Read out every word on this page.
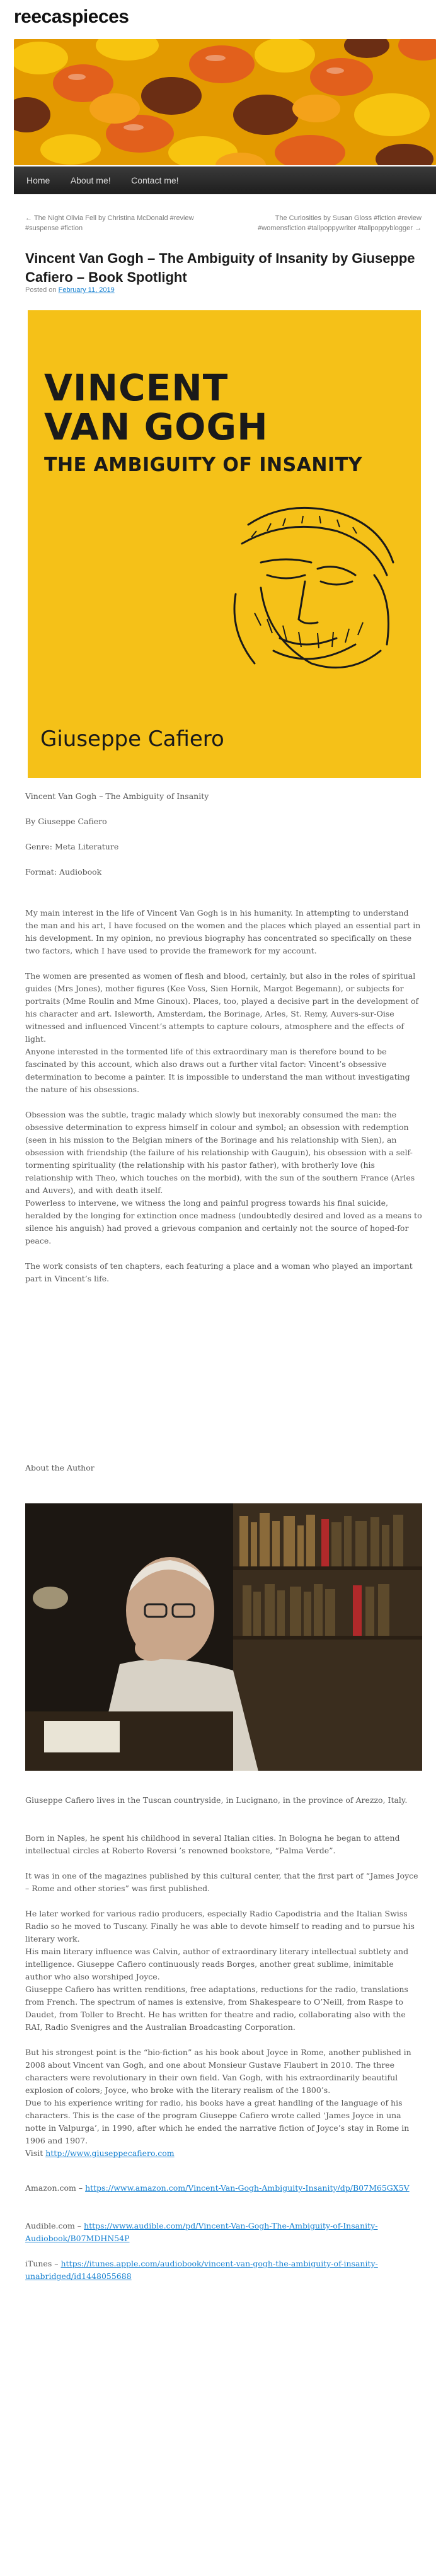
reecaspieces
Home About me! Contact me!
← The Night Olivia Fell by Christina McDonald #review #suspense #fiction
The Curiosities by Susan Gloss #fiction #review #womensfiction #tallpoppywriter #tallpoppyblogger →
Vincent Van Gogh – The Ambiguity of Insanity by Giuseppe Cafiero – Book Spotlight
Posted on February 11, 2019
VINCENT
VAN GOGH
THE AMBIGUITY OF INSANITY
Giuseppe Cafiero

Vincent Van Gogh – The Ambiguity of Insanity

By Giuseppe Cafiero

Genre: Meta Literature

Format: Audiobook

My main interest in the life of Vincent Van Gogh is in his humanity. In attempting to understand the man and his art, I have focused on the women and the places which played an essential part in his development. In my opinion, no previous biography has concentrated so specifically on these two factors, which I have used to provide the framework for my account.

The women are presented as women of flesh and blood, certainly, but also in the roles of spiritual guides (Mrs Jones), mother figures (Kee Voss, Sien Hornik, Margot Begemann), or subjects for portraits (Mme Roulin and Mme Ginoux). Places, too, played a decisive part in the development of his character and art. Isleworth, Amsterdam, the Borinage, Arles, St. Remy, Auvers-sur-Oise witnessed and influenced Vincent’s attempts to capture colours, atmosphere and the effects of light.

Anyone interested in the tormented life of this extraordinary man is therefore bound to be fascinated by this account, which also draws out a further vital factor: Vincent’s obsessive determination to become a painter. It is impossible to understand the man without investigating the nature of his obsessions.

Obsession was the subtle, tragic malady which slowly but inexorably consumed the man: the obsessive determination to express himself in colour and symbol; an obsession with redemption (seen in his mission to the Belgian miners of the Borinage and his relationship with Sien), an obsession with friendship (the failure of his relationship with Gauguin), his obsession with a self-tormenting spirituality (the relationship with his pastor father), with brotherly love (his relationship with Theo, which touches on the morbid), with the sun of the southern France (Arles and Auvers), and with death itself.

Powerless to intervene, we witness the long and painful progress towards his final suicide, heralded by the longing for extinction once madness (undoubtedly desired and loved as a means to silence his anguish) had proved a grievous companion and certainly not the source of hoped-for peace.

The work consists of ten chapters, each featuring a place and a woman who played an important part in Vincent’s life.

About the Author

Giuseppe Cafiero lives in the Tuscan countryside, in Lucignano, in the province of Arezzo, Italy.

Born in Naples, he spent his childhood in several Italian cities. In Bologna he began to attend intellectual circles at Roberto Roversi ’s renowned bookstore, “Palma Verde”.

It was in one of the magazines published by this cultural center, that the first part of “James Joyce – Rome and other stories” was first published.

He later worked for various radio producers, especially Radio Capodistria and the Italian Swiss Radio so he moved to Tuscany. Finally he was able to devote himself to reading and to pursue his literary work.

His main literary influence was Calvin, author of extraordinary literary intellectual subtlety and intelligence. Giuseppe Cafiero continuously reads Borges, another great sublime, inimitable author who also worshiped Joyce.

Giuseppe Cafiero has written renditions, free adaptations, reductions for the radio, translations from French. The spectrum of names is extensive, from Shakespeare to O’Neill, from Raspe to Daudet, from Toller to Brecht. He has written for theatre and radio, collaborating also with the RAI, Radio Svenigres and the Australian Broadcasting Corporation.

But his strongest point is the “bio-fiction” as his book about Joyce in Rome, another published in 2008 about Vincent van Gogh, and one about Monsieur Gustave Flaubert in 2010. The three characters were revolutionary in their own field. Van Gogh, with his extraordinarily beautiful explosion of colors; Joyce, who broke with the literary realism of the 1800’s.

Due to his experience writing for radio, his books have a great handling of the language of his characters. This is the case of the program Giuseppe Cafiero wrote called ‘James Joyce in una notte in Valpurga’, in 1990, after which he ended the narrative fiction of Joyce’s stay in Rome in 1906 and 1907.

Visit http://www.giuseppecafiero.com

Amazon.com – https://www.amazon.com/Vincent-Van-Gogh-Ambiguity-Insanity/dp/B07M65GX5V

Audible.com – https://www.audible.com/pd/Vincent-Van-Gogh-The-Ambiguity-of-Insanity-Audiobook/B07MDHN54P

iTunes – https://itunes.apple.com/audiobook/vincent-van-gogh-the-ambiguity-of-insanity-unabridged/id1448055688
